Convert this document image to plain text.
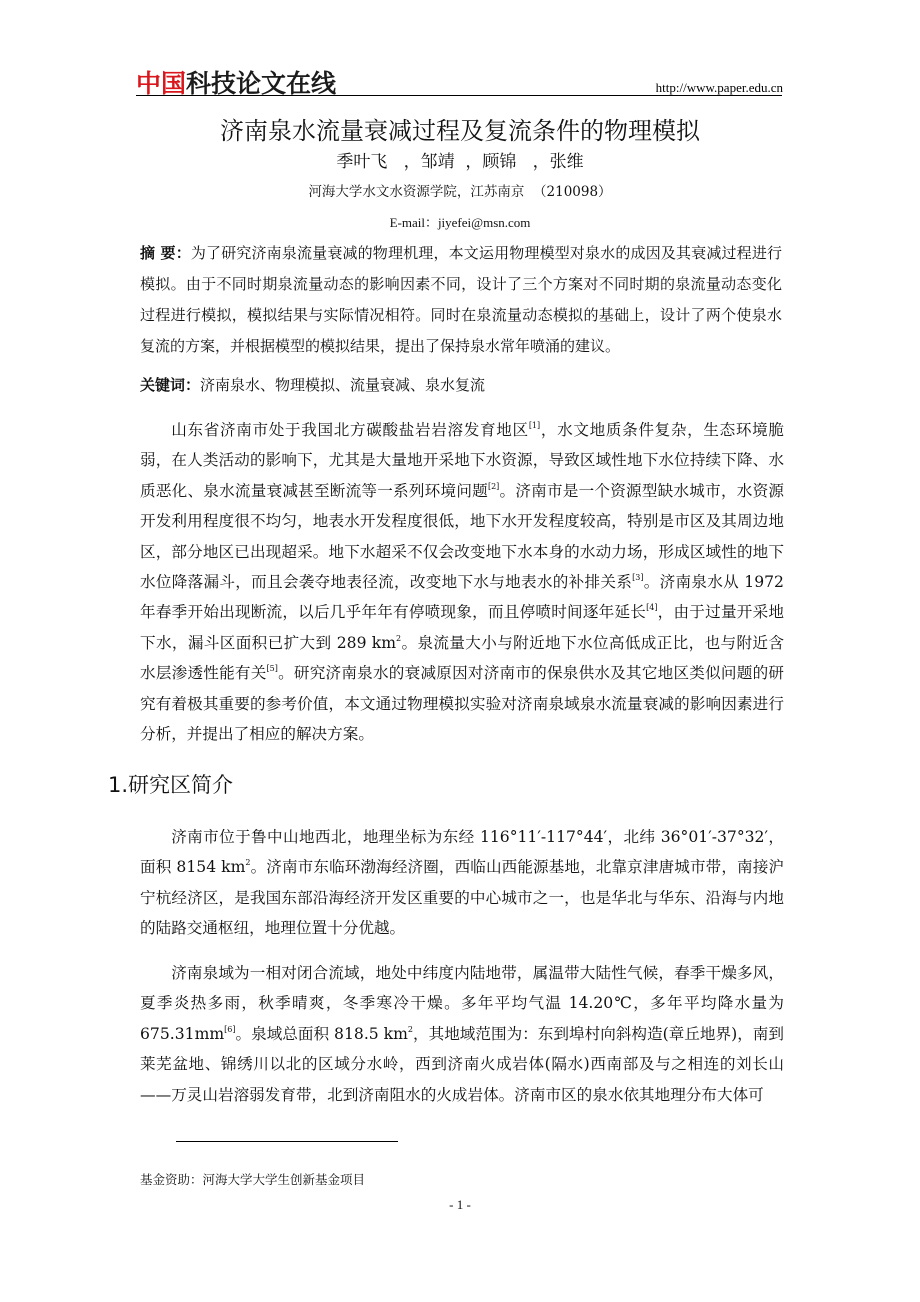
中国科技论文在线	http://www.paper.edu.cn
济南泉水流量衰减过程及复流条件的物理模拟
季叶飞   ，邹靖  ，顾锦   ，张维
河海大学水文水资源学院，江苏南京  （210098）
E-mail：jiyefei@msn.com
摘 要：为了研究济南泉流量衰减的物理机理，本文运用物理模型对泉水的成因及其衰减过程进行模拟。由于不同时期泉流量动态的影响因素不同，设计了三个方案对不同时期的泉流量动态变化过程进行模拟，模拟结果与实际情况相符。同时在泉流量动态模拟的基础上，设计了两个使泉水复流的方案，并根据模型的模拟结果，提出了保持泉水常年喷涌的建议。
关键词：济南泉水、物理模拟、流量衰减、泉水复流

山东省济南市处于我国北方碳酸盐岩岩溶发育地区[1]，水文地质条件复杂，生态环境脆弱，在人类活动的影响下，尤其是大量地开采地下水资源，导致区域性地下水位持续下降、水质恶化、泉水流量衰减甚至断流等一系列环境问题[2]。济南市是一个资源型缺水城市，水资源开发利用程度很不均匀，地表水开发程度很低，地下水开发程度较高，特别是市区及其周边地区，部分地区已出现超采。地下水超采不仅会改变地下水本身的水动力场，形成区域性的地下水位降落漏斗，而且会袭夺地表径流，改变地下水与地表水的补排关系[3]。济南泉水从 1972 年春季开始出现断流，以后几乎年年有停喷现象，而且停喷时间逐年延长[4]，由于过量开采地下水，漏斗区面积已扩大到 289 $km^2$。泉流量大小与附近地下水位高低成正比，也与附近含水层渗透性能有关[5]。研究济南泉水的衰减原因对济南市的保泉供水及其它地区类似问题的研究有着极其重要的参考价值，本文通过物理模拟实验对济南泉域泉水流量衰减的影响因素进行分析，并提出了相应的解决方案。

1.研究区简介

济南市位于鲁中山地西北，地理坐标为东经 116°11′-117°44′，北纬 36°01′-37°32′，面积 8154 $km^2$。济南市东临环渤海经济圈，西临山西能源基地，北靠京津唐城市带，南接沪宁杭经济区，是我国东部沿海经济开发区重要的中心城市之一，也是华北与华东、沿海与内地的陆路交通枢纽，地理位置十分优越。

济南泉域为一相对闭合流域，地处中纬度内陆地带，属温带大陆性气候，春季干燥多风，夏季炎热多雨，秋季晴爽，冬季寒冷干燥。多年平均气温 14.20℃，多年平均降水量为 675.31mm[6]。泉域总面积 818.5 $km^2$，其地域范围为：东到埠村向斜构造(章丘地界)，南到莱芜盆地、锦绣川以北的区域分水岭，西到济南火成岩体(隔水)西南部及与之相连的刘长山——万灵山岩溶弱发育带，北到济南阻水的火成岩体。济南市区的泉水依其地理分布大体可

基金资助：河海大学大学生创新基金项目
- 1 -
